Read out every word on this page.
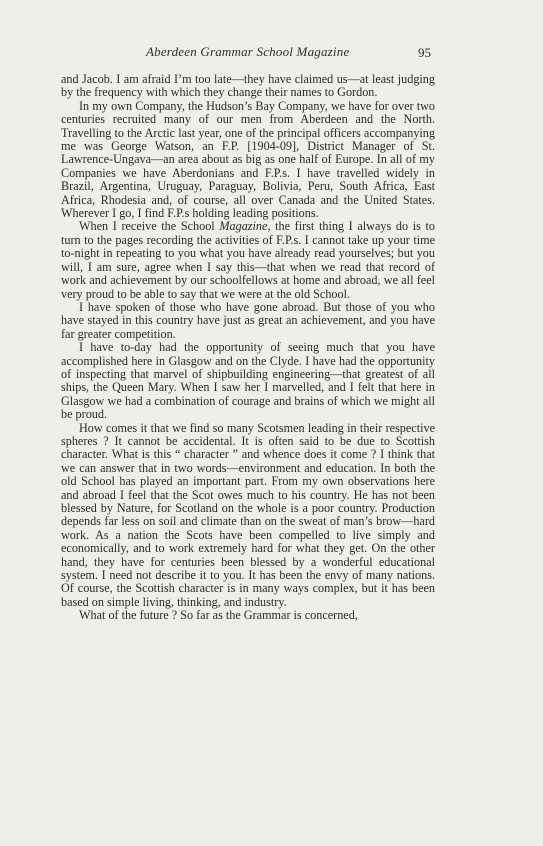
Aberdeen Grammar School Magazine	95

and Jacob. I am afraid I’m too late—they have claimed us—at least judging by the frequency with which they change their names to Gordon.

In my own Company, the Hudson’s Bay Company, we have for over two centuries recruited many of our men from Aberdeen and the North. Travelling to the Arctic last year, one of the principal officers accompanying me was George Watson, an F.P. [1904-09], District Manager of St. Lawrence-Ungava—an area about as big as one half of Europe. In all of my Companies we have Aberdonians and F.P.s. I have travelled widely in Brazil, Argentina, Uruguay, Paraguay, Bolivia, Peru, South Africa, East Africa, Rhodesia and, of course, all over Canada and the United States. Wherever I go, I find F.P.s holding leading positions.

When I receive the School Magazine, the first thing I always do is to turn to the pages recording the activities of F.P.s. I cannot take up your time to-night in repeating to you what you have already read yourselves; but you will, I am sure, agree when I say this—that when we read that record of work and achievement by our schoolfellows at home and abroad, we all feel very proud to be able to say that we were at the old School.

I have spoken of those who have gone abroad. But those of you who have stayed in this country have just as great an achievement, and you have far greater competition.

I have to-day had the opportunity of seeing much that you have accomplished here in Glasgow and on the Clyde. I have had the opportunity of inspecting that marvel of shipbuilding engineering—that greatest of all ships, the Queen Mary. When I saw her I marvelled, and I felt that here in Glasgow we had a combination of courage and brains of which we might all be proud.

How comes it that we find so many Scotsmen leading in their respective spheres ? It cannot be accidental. It is often said to be due to Scottish character. What is this “ character ” and whence does it come ? I think that we can answer that in two words—environment and education. In both the old School has played an important part. From my own observations here and abroad I feel that the Scot owes much to his country. He has not been blessed by Nature, for Scotland on the whole is a poor country. Production depends far less on soil and climate than on the sweat of man’s brow—hard work. As a nation the Scots have been compelled to live simply and economically, and to work extremely hard for what they get. On the other hand, they have for centuries been blessed by a wonderful educational system. I need not describe it to you. It has been the envy of many nations. Of course, the Scottish character is in many ways complex, but it has been based on simple living, thinking, and industry.

What of the future ? So far as the Grammar is concerned,
